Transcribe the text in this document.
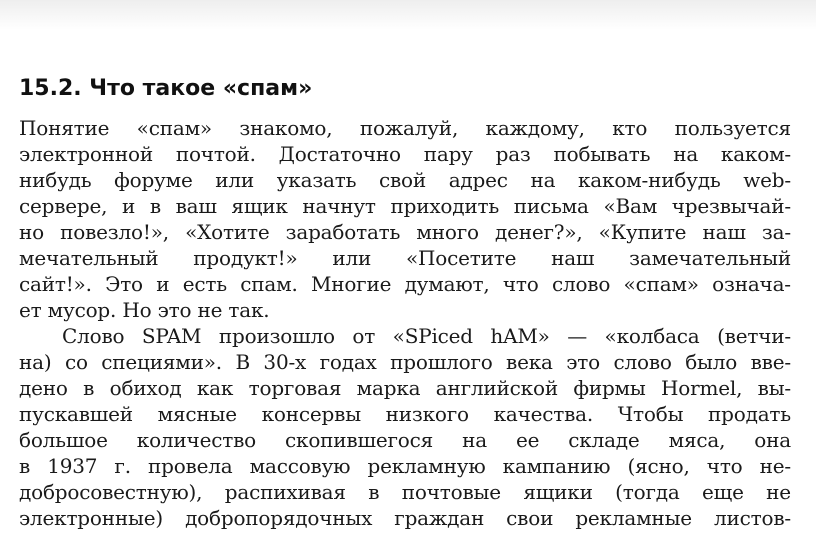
15.2. Что такое «спам»

Понятие «спам» знакомо, пожалуй, каждому, кто пользуется

электронной почтой. Достаточно пару раз побывать на каком-

нибудь форуме или указать свой адрес на каком-нибудь web-

сервере, и в ваш ящик начнут приходить письма «Вам чрезвычай-

но повезло!», «Хотите заработать много денег?», «Купите наш за-

мечательный продукт!» или «Посетите наш замечательный

сайт!». Это и есть спам. Многие думают, что слово «спам» означа-

ет мусор. Но это не так.

Слово SPAM произошло от «SPiced hAM» — «колбаса (ветчи-

на) со специями». В 30-х годах прошлого века это слово было вве-

дено в обиход как торговая марка английской фирмы Hormel, вы-

пускавшей мясные консервы низкого качества. Чтобы продать

большое количество скопившегося на ее складе мяса, она

в 1937 г. провела массовую рекламную кампанию (ясно, что не-

добросовестную), распихивая в почтовые ящики (тогда еще не

электронные) добропорядочных граждан свои рекламные листов-
